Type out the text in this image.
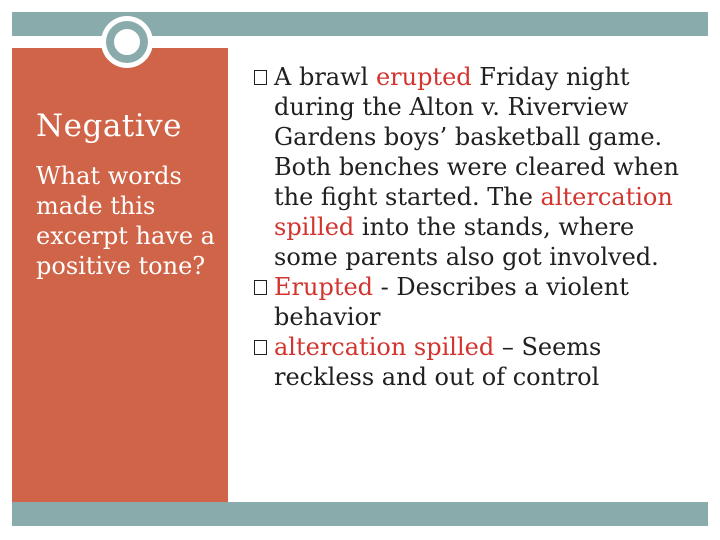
Negative
What words made this excerpt have a positive tone?
A brawl erupted Friday night during the Alton v. Riverview Gardens boys’ basketball game. Both benches were cleared when the fight started. The altercation spilled into the stands, where some parents also got involved.
Erupted - Describes a violent behavior
altercation spilled – Seems reckless and out of control
